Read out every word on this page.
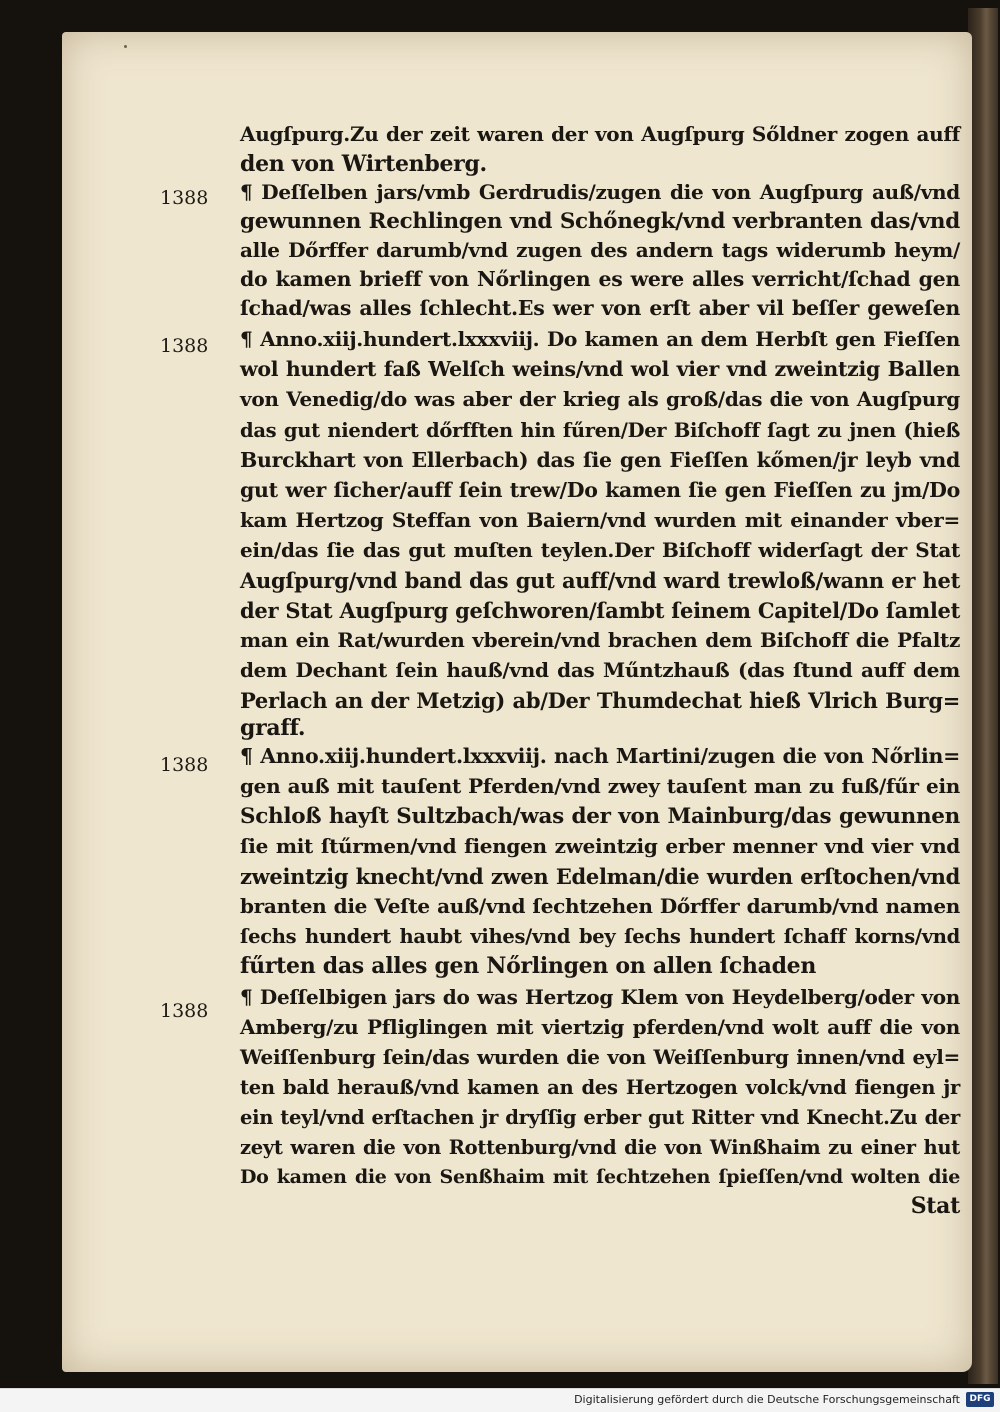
Augſpurg.Zu der zeit waren der von Augſpurg Sőldner zogen auff
den von Wirtenberg.
1388	¶ Deſſelben jars/vmb Gerdrudis/zugen die von Augſpurg auß/vnd
gewunnen Rechlingen vnd Schőnegk/vnd verbranten das/vnd
alle Dőrffer darumb/vnd zugen des andern tags widerumb heym/
do kamen brieff von Nőrlingen es were alles verricht/ſchad gen
ſchad/was alles ſchlecht.Es wer von erſt aber vil beſſer geweſen
1388	¶ Anno.xiij.hundert.lxxxviij. Do kamen an dem Herbſt gen Fieſſen
wol hundert faß Welſch weins/vnd wol vier vnd zweintzig Ballen
von Venedig/do was aber der krieg als groß/das die von Augſpurg
das gut niendert dőrfften hin fűren/Der Biſchoff ſagt zu jnen (hieß
Burckhart von Ellerbach) das ſie gen Fieſſen kőmen/jr leyb vnd
gut wer ſicher/auff ſein trew/Do kamen ſie gen Fieſſen zu jm/Do
kam Hertzog Steffan von Baiern/vnd wurden mit einander vber=
ein/das ſie das gut muſten teylen.Der Biſchoff widerſagt der Stat
Augſpurg/vnd band das gut auff/vnd ward trewloß/wann er het
der Stat Augſpurg geſchworen/ſambt ſeinem Capitel/Do ſamlet
man ein Rat/wurden vberein/vnd brachen dem Biſchoff die Pfaltz
dem Dechant ſein hauß/vnd das Műntzhauß (das ſtund auff dem
Perlach an der Metzig) ab/Der Thumdechat hieß Vlrich Burg=
graff.
1388	¶ Anno.xiij.hundert.lxxxviij. nach Martini/zugen die von Nőrlin=
gen auß mit tauſent Pferden/vnd zwey tauſent man zu fuß/fűr ein
Schloß hayſt Sultzbach/was der von Mainburg/das gewunnen
ſie mit ſtűrmen/vnd fiengen zweintzig erber menner vnd vier vnd
zweintzig knecht/vnd zwen Edelman/die wurden erſtochen/vnd
branten die Veſte auß/vnd ſechtzehen Dőrffer darumb/vnd namen
ſechs hundert haubt vihes/vnd bey ſechs hundert ſchaff korns/vnd
fűrten das alles gen Nőrlingen on allen ſchaden
1388
¶ Deſſelbigen jars do was Hertzog Klem von Heydelberg/oder von
Amberg/zu Pfliglingen mit viertzig pferden/vnd wolt auff die von
Weiſſenburg ſein/das wurden die von Weiſſenburg innen/vnd eyl=
ten bald herauß/vnd kamen an des Hertzogen volck/vnd fiengen jr
ein teyl/vnd erſtachen jr dryſſig erber gut Ritter vnd Knecht.Zu der
zeyt waren die von Rottenburg/vnd die von Winßhaim zu einer hut
Do kamen die von Senßhaim mit ſechtzehen ſpieſſen/vnd wolten die
Stat
Digitalisierung gefördert durch die Deutsche Forschungsgemeinschaft	DFG
